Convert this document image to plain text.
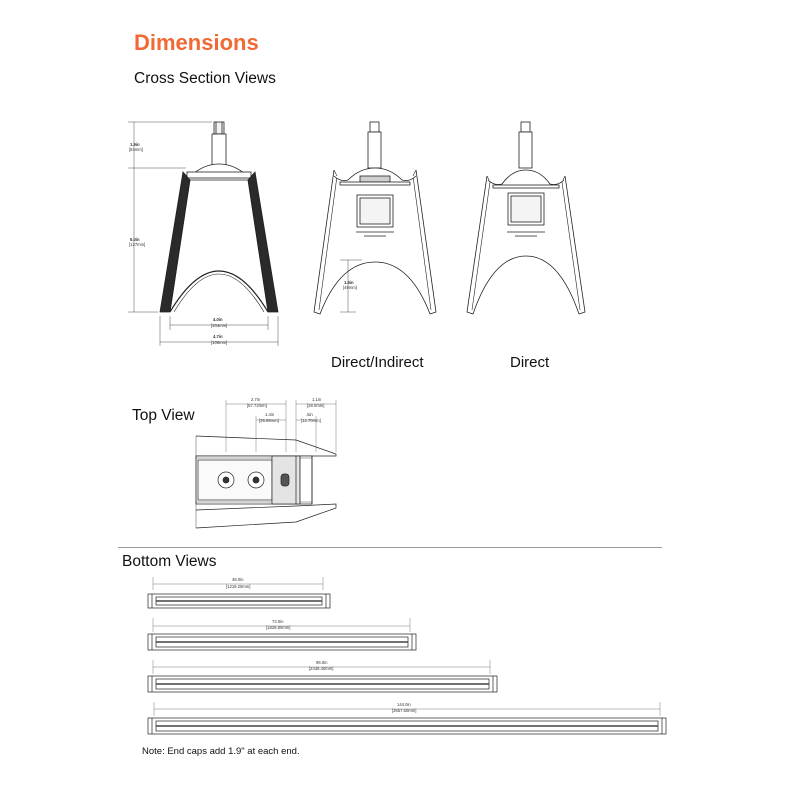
Dimensions
Cross Section Views
1.9in
[84mm]
5.0in
[127mm]
4.0in
[104mm]
4.7in
[108mm]
1.9in
[49mm]
2.7in
[67.72mm]
1.4in
[35.56mm]
1.1in
[28.0mm]
.5in
[12.70mm]
48.0in
[1219.20mm]
72.0in
[1828.80mm]
96.0in
[2438.40mm]
144.0in
[3657.60mm]
Direct/Indirect	Direct
Top View
Bottom Views
Note: End caps add 1.9" at each end.
